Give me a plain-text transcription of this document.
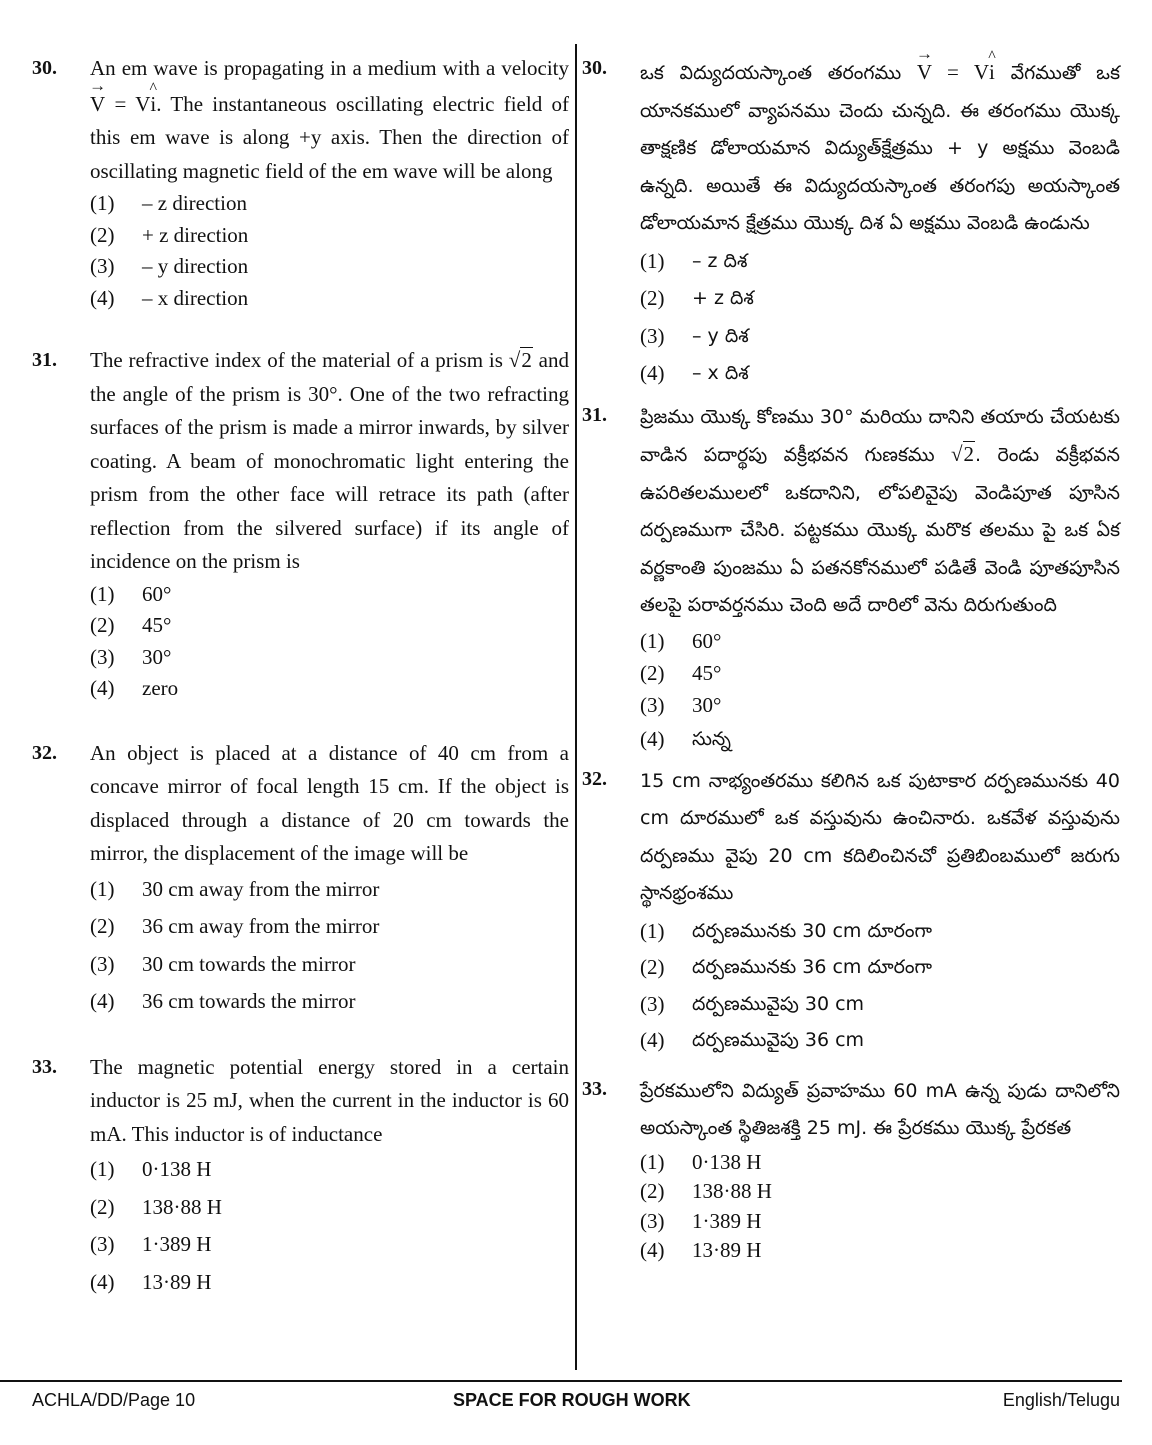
30. An em wave is propagating in a medium with a velocity → V = V^ i. The instantaneous oscillating electric field of this em wave is along +y axis. Then the direction of oscillating magnetic field of the em wave will be along
(1)	– z direction
(2)	+ z direction
(3)	– y direction
(4)	– x direction
31. The refractive index of the material of a prism is √2 and the angle of the prism is 30°. One of the two refracting surfaces of the prism is made a mirror inwards, by silver coating. A beam of monochromatic light entering the prism from the other face will retrace its path (after reflection from the silvered surface) if its angle of incidence on the prism is
(1)	60°
(2)	45°
(3)	30°
(4)	zero
32. An object is placed at a distance of 40 cm from a concave mirror of focal length 15 cm. If the object is displaced through a distance of 20 cm towards the mirror, the displacement of the image will be
(1)	30 cm away from the mirror
(2)	36 cm away from the mirror
(3)	30 cm towards the mirror
(4)	36 cm towards the mirror
33. The magnetic potential energy stored in a certain inductor is 25 mJ, when the current in the inductor is 60 mA. This inductor is of inductance
(1)	0·138 H
(2)	138·88 H
(3)	1·389 H
(4)	13·89 H
30. ఒక విద్యుదయస్కాంత తరంగము → V = V^ i వేగముతో ఒక యానకములో వ్యాపనము చెందు చున్నది. ఈ తరంగము యొక్క తాక్షణిక డోలాయమాన విద్యుత్‌క్షేత్రము + y అక్షము వెంబడి ఉన్నది. అయితే ఈ విద్యుదయస్కాంత తరంగపు అయస్కాంత డోలాయమాన క్షేత్రము యొక్క దిశ ఏ అక్షము వెంబడి ఉండును
(1)	– z దిశ
(2)	+ z దిశ
(3)	– y దిశ
(4)	– x దిశ
31. ప్రిజము యొక్క కోణము 30° మరియు దానిని తయారు చేయటకు వాడిన పదార్థపు వక్రీభవన గుణకము √2. రెండు వక్రీభవన ఉపరితలములలో ఒకదానిని, లోపలివైపు వెండిపూత పూసిన దర్పణముగా చేసిరి. పట్టకము యొక్క మరొక తలము పై ఒక ఏక వర్ణకాంతి పుంజము ఏ పతనకోనములో పడితే వెండి పూతపూసిన తలపై పరావర్తనము చెంది అదే దారిలో వెను దిరుగుతుంది
(1)	60°
(2)	45°
(3)	30°
(4)	సున్న
32. 15 cm నాభ్యంతరము కలిగిన ఒక పుటాకార దర్పణమునకు 40 cm దూరములో ఒక వస్తువును ఉంచినారు. ఒకవేళ వస్తువును దర్పణము వైపు 20 cm కదిలించినచో ప్రతిబింబములో జరుగు స్థానభ్రంశము
(1)	దర్పణమునకు 30 cm దూరంగా
(2)	దర్పణమునకు 36 cm దూరంగా
(3)	దర్పణమువైపు 30 cm
(4)	దర్పణమువైపు 36 cm
33. ప్రేరకములోని విద్యుత్ ప్రవాహము 60 mA ఉన్న పుడు దానిలోని అయస్కాంత స్థితిజశక్తి 25 mJ. ఈ ప్రేరకము యొక్క ప్రేరకత
(1)	0·138 H
(2)	138·88 H
(3)	1·389 H
(4)	13·89 H
ACHLA/DD/Page 10	SPACE FOR ROUGH WORK	English/Telugu
